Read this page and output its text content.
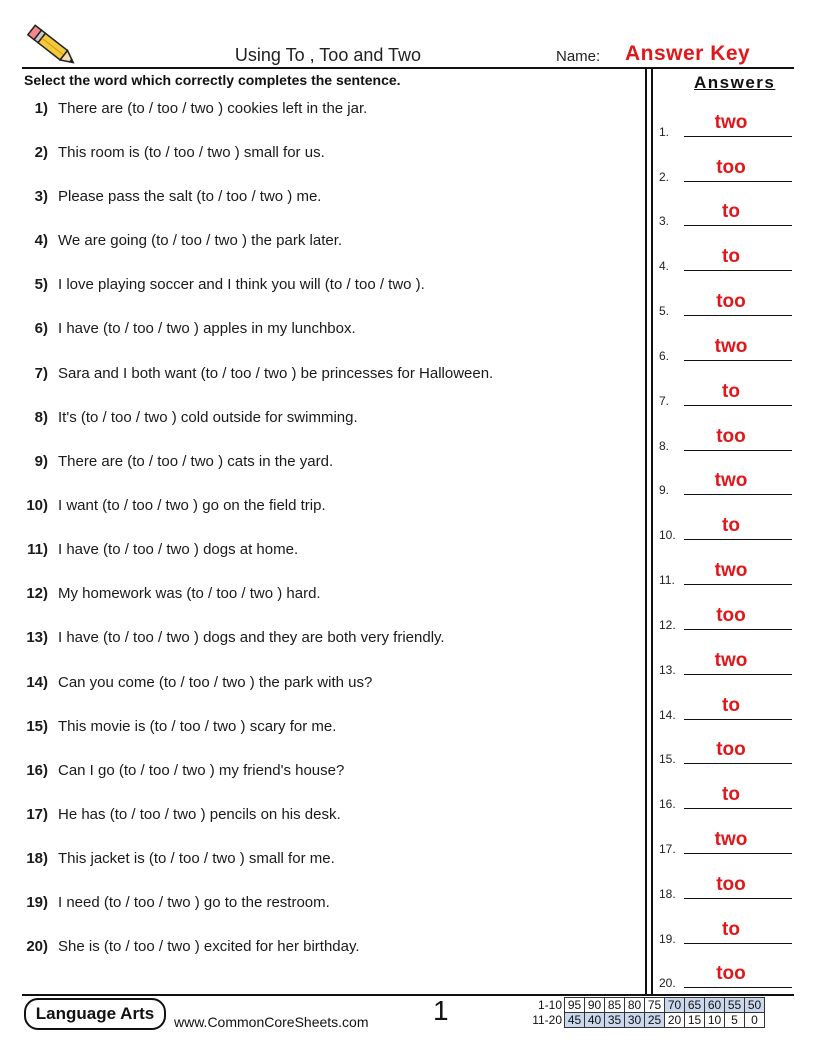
Using To , Too and Two	Name: Answer Key
Select the word which correctly completes the sentence.	Answers
1) There are (to / too / two ) cookies left in the jar.
2) This room is (to / too / two ) small for us.
3) Please pass the salt (to / too / two ) me.
4) We are going (to / too / two ) the park later.
5) I love playing soccer and I think you will (to / too / two ).
6) I have (to / too / two ) apples in my lunchbox.
7) Sara and I both want (to / too / two ) be princesses for Halloween.
8) It's (to / too / two ) cold outside for swimming.
9) There are (to / too / two ) cats in the yard.
10) I want (to / too / two ) go on the field trip.
11) I have (to / too / two ) dogs at home.
12) My homework was (to / too / two ) hard.
13) I have (to / too / two ) dogs and they are both very friendly.
14) Can you come (to / too / two ) the park with us?
15) This movie is (to / too / two ) scary for me.
16) Can I go (to / too / two ) my friend's house?
17) He has (to / too / two ) pencils on his desk.
18) This jacket is (to / too / two ) small for me.
19) I need (to / too / two ) go to the restroom.
20) She is (to / too / two ) excited for her birthday.
1.	two
2.	too
3.	to
4.	to
5.	too
6.	two
7.	to
8.	too
9.	two
10.	to
11.	two
12.	too
13.	two
14.	to
15.	too
16.	to
17.	two
18.	too
19.	to
20.	too
Language Arts	www.CommonCoreSheets.com 1	1-10	95	90	85	80	75	70	65	60	55	50
11-20	45	40	35	30	25	20	15	10	5	0
